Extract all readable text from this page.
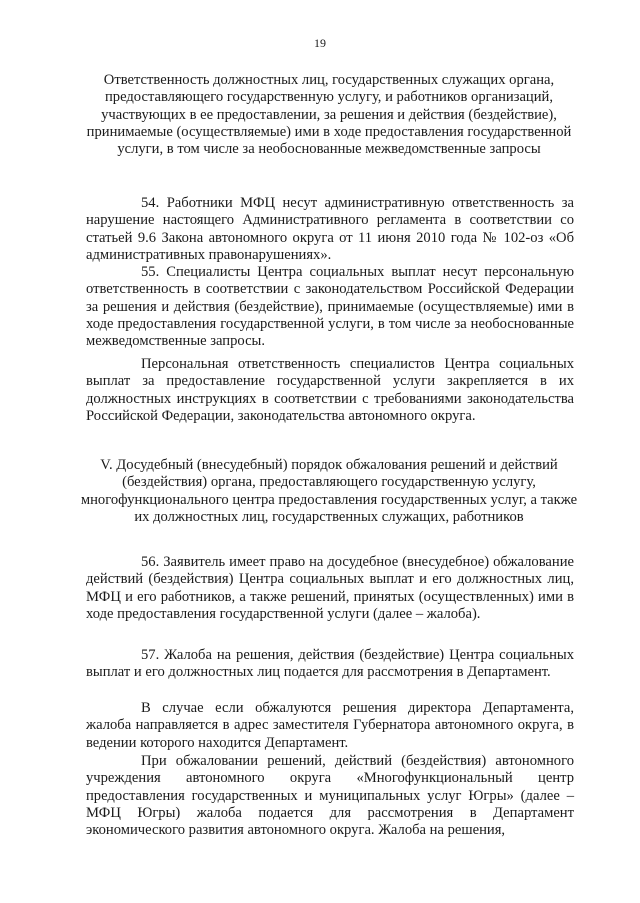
19
Ответственность должностных лиц, государственных служащих органа, предоставляющего государственную услугу, и работников организаций, участвующих в ее предоставлении, за решения и действия (бездействие), принимаемые (осуществляемые) ими в ходе предоставления государственной услуги, в том числе за необоснованные межведомственные запросы

54. Работники МФЦ несут административную ответственность за нарушение настоящего Административного регламента в соответствии со статьей 9.6 Закона автономного округа от 11 июня 2010 года № 102-оз «Об административных правонарушениях».

55. Специалисты Центра социальных выплат несут персональную ответственность в соответствии с законодательством Российской Федерации за решения и действия (бездействие), принимаемые (осуществляемые) ими в ходе предоставления государственной услуги, в том числе за необоснованные межведомственные запросы.

Персональная ответственность специалистов Центра социальных выплат за предоставление государственной услуги закрепляется в их должностных инструкциях в соответствии с требованиями законодательства Российской Федерации, законодательства автономного округа.

V. Досудебный (внесудебный) порядок обжалования решений и действий (бездействия) органа, предоставляющего государственную услугу, многофункционального центра предоставления государственных услуг, а также их должностных лиц, государственных служащих, работников

56. Заявитель имеет право на досудебное (внесудебное) обжалование действий (бездействия) Центра социальных выплат и его должностных лиц, МФЦ и его работников, а также решений, принятых (осуществленных) ими в ходе предоставления государственной услуги (далее – жалоба).

57. Жалоба на решения, действия (бездействие) Центра социальных выплат и его должностных лиц подается для рассмотрения в Департамент.

В случае если обжалуются решения директора Департамента, жалоба направляется в адрес заместителя Губернатора автономного округа, в ведении которого находится Департамент.

При обжаловании решений, действий (бездействия) автономного учреждения автономного округа «Многофункциональный центр предоставления государственных и муниципальных услуг Югры» (далее – МФЦ Югры) жалоба подается для рассмотрения в Департамент экономического развития автономного округа. Жалоба на решения,
